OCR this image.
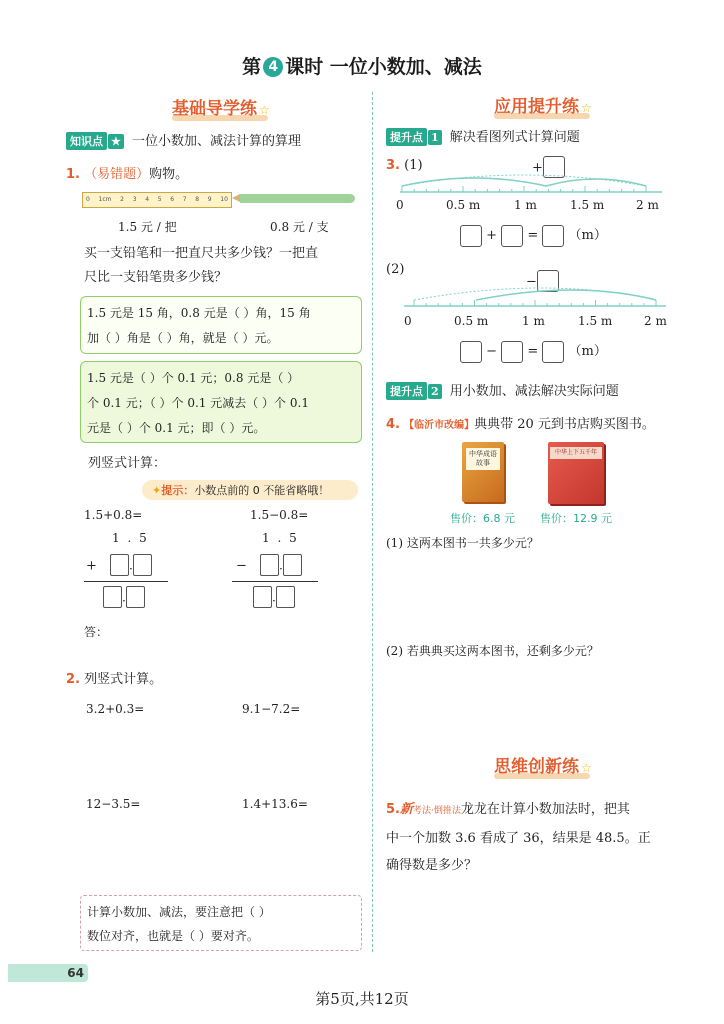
第 4 课时 一位小数加、减法
基础导学练 ☆
知识点 ★ 一位小数加、减法计算的算理
1. （易错题）购物。
0 1cm 2 3 4 5 6 7 8 9 10
1.5 元 / 把	0.8 元 / 支
买一支铅笔和一把直尺共多少钱？一把直
尺比一支铅笔贵多少钱？
1.5 元是 15 角，0.8 元是（ ）角，15 角
加（ ）角是（ ）角，就是（ ）元。
1.5 元是（ ）个 0.1 元；0.8 元是（ ）
个 0.1 元；（ ）个 0.1 元减去（ ）个 0.1
元是（ ）个 0.1 元；即（ ）元。
列竖式计算：
✦提示：小数点前的 0 不能省略哦！
1.5+0.8=	1.5−0.8=
1 . 5
+	.
.
1 . 5
−	.
.
答：
2. 列竖式计算。
3.2+0.3=	9.1−7.2=
12−3.5=	1.4+13.6=
计算小数加、减法，要注意把（ ）
数位对齐，也就是（ ）要对齐。
64
应用提升练 ☆
提升点 1 解决看图列式计算问题
3. (1)	+
0	0.5 m	1 m	1.5 m	2 m
+ = （m）
(2)
−
0	0.5 m	1 m	1.5 m	2 m
− = （m）
提升点 2 用小数加、减法解决实际问题
4. 【临沂市改编】典典带 20 元到书店购买图书。
中华成语故事
中华上下五千年
售价：6.8 元 售价：12.9 元
(1) 这两本图书一共多少元？
(2) 若典典买这两本图书，还剩多少元？
思维创新练 ☆
5.新考法·倒推法龙龙在计算小数加法时，把其
中一个加数 3.6 看成了 36，结果是 48.5。正
确得数是多少？
第5页,共12页
